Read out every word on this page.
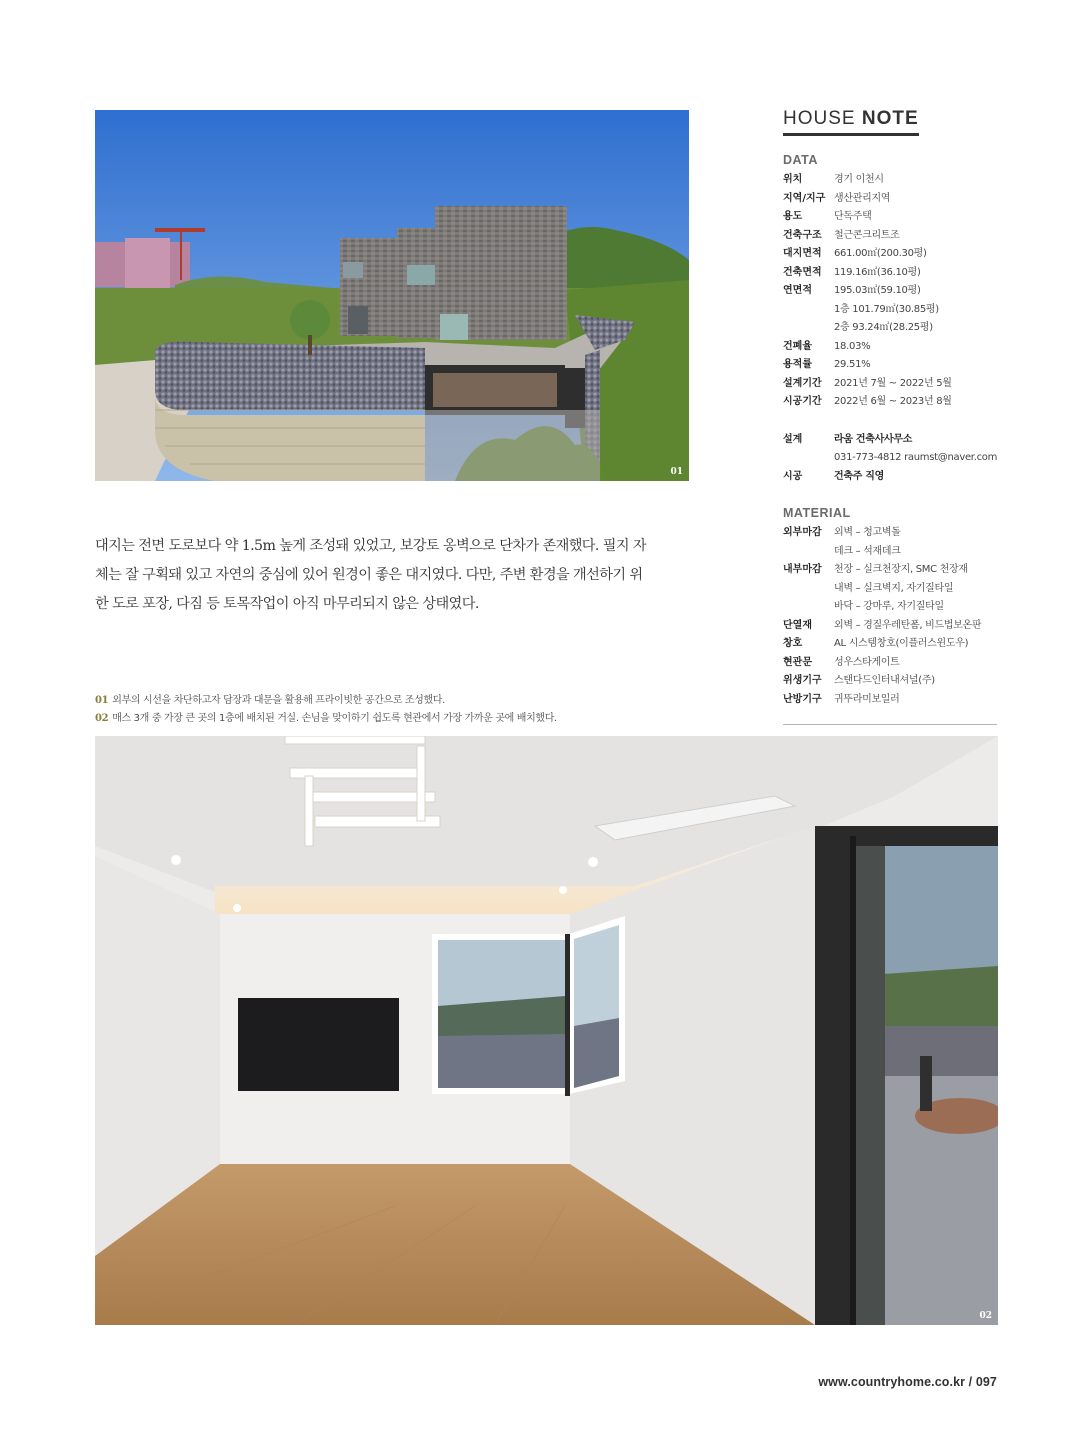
01
HOUSE NOTE
DATA
위치	경기 이천시
지역/지구 생산관리지역
용도	단독주택
건축구조	철근콘크리트조
대지면적	661.00㎡(200.30평)
건축면적	119.16㎡(36.10평)
연면적	195.03㎡(59.10평)
1층 101.79㎡(30.85평)
2층 93.24㎡(28.25평)
건폐율	18.03%
용적률	29.51%
설계기간	2021년 7월 ~ 2022년 5월
시공기간	2022년 6월 ~ 2023년 8월
설계	라움 건축사사무소
031-773-4812 raumst@naver.com
시공	건축주 직영
MATERIAL
외부마감	외벽 – 청고벽돌
데크 – 석재데크
내부마감	천장 – 실크천장지, SMC 천장재
내벽 – 실크벽지, 자기질타일
바닥 – 강마루, 자기질타일
단열재	외벽 – 경질우레탄폼, 비드법보온판
창호	AL 시스템창호(이플러스윈도우)
현관문	성우스타게이트
위생기구	스탠다드인터내셔널(주)
난방기구	귀뚜라미보일러

대지는 전면 도로보다 약 1.5m 높게 조성돼 있었고, 보강토 옹벽으로 단차가 존재했다. 필지 자

체는 잘 구획돼 있고 자연의 중심에 있어 원경이 좋은 대지였다. 다만, 주변 환경을 개선하기 위

한 도로 포장, 다짐 등 토목작업이 아직 마무리되지 않은 상태였다.

01 외부의 시선을 차단하고자 담장과 대문을 활용해 프라이빗한 공간으로 조성했다.
02 매스 3개 중 가장 큰 곳의 1층에 배치된 거실. 손님을 맞이하기 쉽도록 현관에서 가장 가까운 곳에 배치했다.
02
www.countryhome.co.kr / 097
